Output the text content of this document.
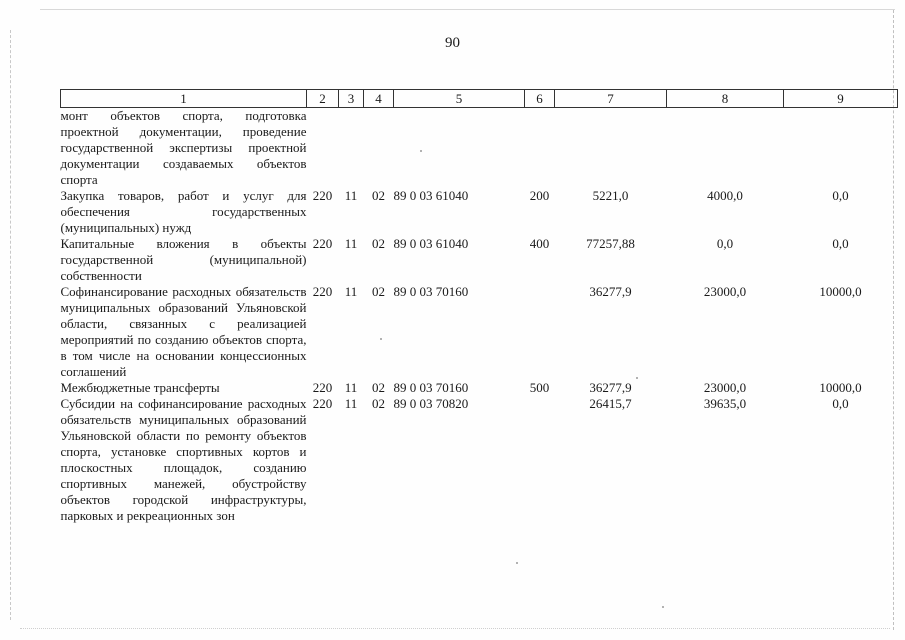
90
1	2	3	4	5	6	7	8	9
монт объектов спорта, подготовка проектной документации, проведение государственной экспертизы проектной документации создаваемых объектов спорта								
Закупка товаров, работ и услуг для обеспечения государственных (муниципальных) нужд	220	11	02	89 0 03 61040	200	5221,0	4000,0	0,0
Капитальные вложения в объекты государственной (муниципальной) собственности	220	11	02	89 0 03 61040	400	77257,88	0,0	0,0
Софинансирование расходных обязательств муниципальных образований Ульяновской области, связанных с реализацией мероприятий по созданию объектов спорта, в том числе на основании концессионных соглашений	220	11	02	89 0 03 70160		36277,9	23000,0	10000,0
Межбюджетные трансферты	220	11	02	89 0 03 70160	500	36277,9	23000,0	10000,0
Субсидии на софинансирование расходных обязательств муниципальных образований Ульяновской области по ремонту объектов спорта, установке спортивных кортов и плоскостных площадок, созданию спортивных манежей, обустройству объектов городской инфраструктуры, парковых и рекреационных зон	220	11	02	89 0 03 70820		26415,7	39635,0	0,0
